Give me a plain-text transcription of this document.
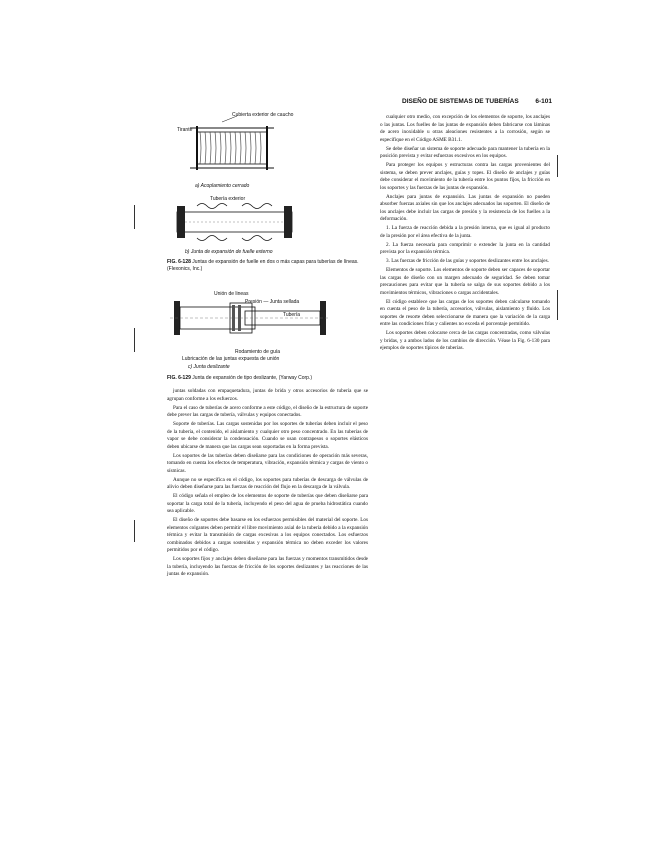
DISEÑO DE SISTEMAS DE TUBERÍAS	6-101
Cubierta exterior de caucho
Tirante
a) Acoplamiento cerrado
Tubería exterior
b) Junta de expansión de fuelle externo
FIG. 6-128 Juntas de expansión de fuelle en dos o más capas para tuberías de líneas. (Flexonics, Inc.)
Unión de lineas
Presión — Junta sellada
Tubería
Rodamiento de guía
Lubricación de las juntas expuesta de unión
c) Junta deslizante
FIG. 6-129 Junta de expansión de tipo deslizante, (Yarway Corp.)

juntas soldadas con empaquetadura, juntas de brida y otros accesorios de tubería que se agrupan conforme a los esfuerzos.

Para el caso de tuberías de acero conforme a este código, el diseño de la estructura de soporte debe prever las cargas de tubería, válvulas y equipos conectados.

Soporte de tuberías. Las cargas sostenidas por los soportes de tuberías deben incluir el peso de la tubería, el contenido, el aislamiento y cualquier otro peso concentrado. En las tuberías de vapor se debe considerar la condensación. Cuando se usan contrapesos o soportes elásticos deben ubicarse de manera que las cargas sean soportadas en la forma prevista.

Los soportes de las tuberías deben diseñarse para las condiciones de operación más severas, tomando en cuenta los efectos de temperatura, vibración, expansión térmica y cargas de viento o sísmicas.

Aunque no se especifica en el código, los soportes para tuberías de descarga de válvulas de alivio deben diseñarse para las fuerzas de reacción del flujo en la descarga de la válvula.

El código señala el empleo de los elementos de soporte de tuberías que deben diseñarse para soportar la carga total de la tubería, incluyendo el peso del agua de prueba hidrostática cuando sea aplicable.

El diseño de soportes debe basarse en los esfuerzos permisibles del material del soporte. Los elementos colgantes deben permitir el libre movimiento axial de la tubería debido a la expansión térmica y evitar la transmisión de cargas excesivas a los equipos conectados. Los esfuerzos combinados debidos a cargas sostenidas y expansión térmica no deben exceder los valores permitidos por el código.

Los soportes fijos y anclajes deben diseñarse para las fuerzas y momentos transmitidos desde la tubería, incluyendo las fuerzas de fricción de los soportes deslizantes y las reacciones de las juntas de expansión.

cualquier otro medio, con excepción de los elementos de soporte, los anclajes o las juntas. Los fuelles de las juntas de expansión deben fabricarse con láminas de acero inoxidable u otras aleaciones resistentes a la corrosión, según se especifique en el Código ASME B31.1.

Se debe diseñar un sistema de soporte adecuado para mantener la tubería en la posición prevista y evitar esfuerzos excesivos en los equipos.

Para proteger los equipos y estructuras contra las cargas provenientes del sistema, se deben prever anclajes, guías y topes. El diseño de anclajes y guías debe considerar el movimiento de la tubería entre los puntos fijos, la fricción en los soportes y las fuerzas de las juntas de expansión.

Anclajes para juntas de expansión. Las juntas de expansión no pueden absorber fuerzas axiales sin que los anclajes adecuados las soporten. El diseño de los anclajes debe incluir las cargas de presión y la resistencia de los fuelles a la deformación.

1. La fuerza de reacción debida a la presión interna, que es igual al producto de la presión por el área efectiva de la junta.

2. La fuerza necesaria para comprimir o extender la junta en la cantidad prevista por la expansión térmica.

3. Las fuerzas de fricción de las guías y soportes deslizantes entre los anclajes.

Elementos de soporte. Los elementos de soporte deben ser capaces de soportar las cargas de diseño con un margen adecuado de seguridad. Se deben tomar precauciones para evitar que la tubería se salga de sus soportes debido a los movimientos térmicos, vibraciones o cargas accidentales.

El código establece que las cargas de los soportes deben calcularse tomando en cuenta el peso de la tubería, accesorios, válvulas, aislamiento y fluido. Los soportes de resorte deben seleccionarse de manera que la variación de la carga entre las condiciones frías y calientes no exceda el porcentaje permitido.

Los soportes deben colocarse cerca de las cargas concentradas, como válvulas y bridas, y a ambos lados de los cambios de dirección. Véase la Fig. 6-130 para ejemplos de soportes típicos de tuberías.
